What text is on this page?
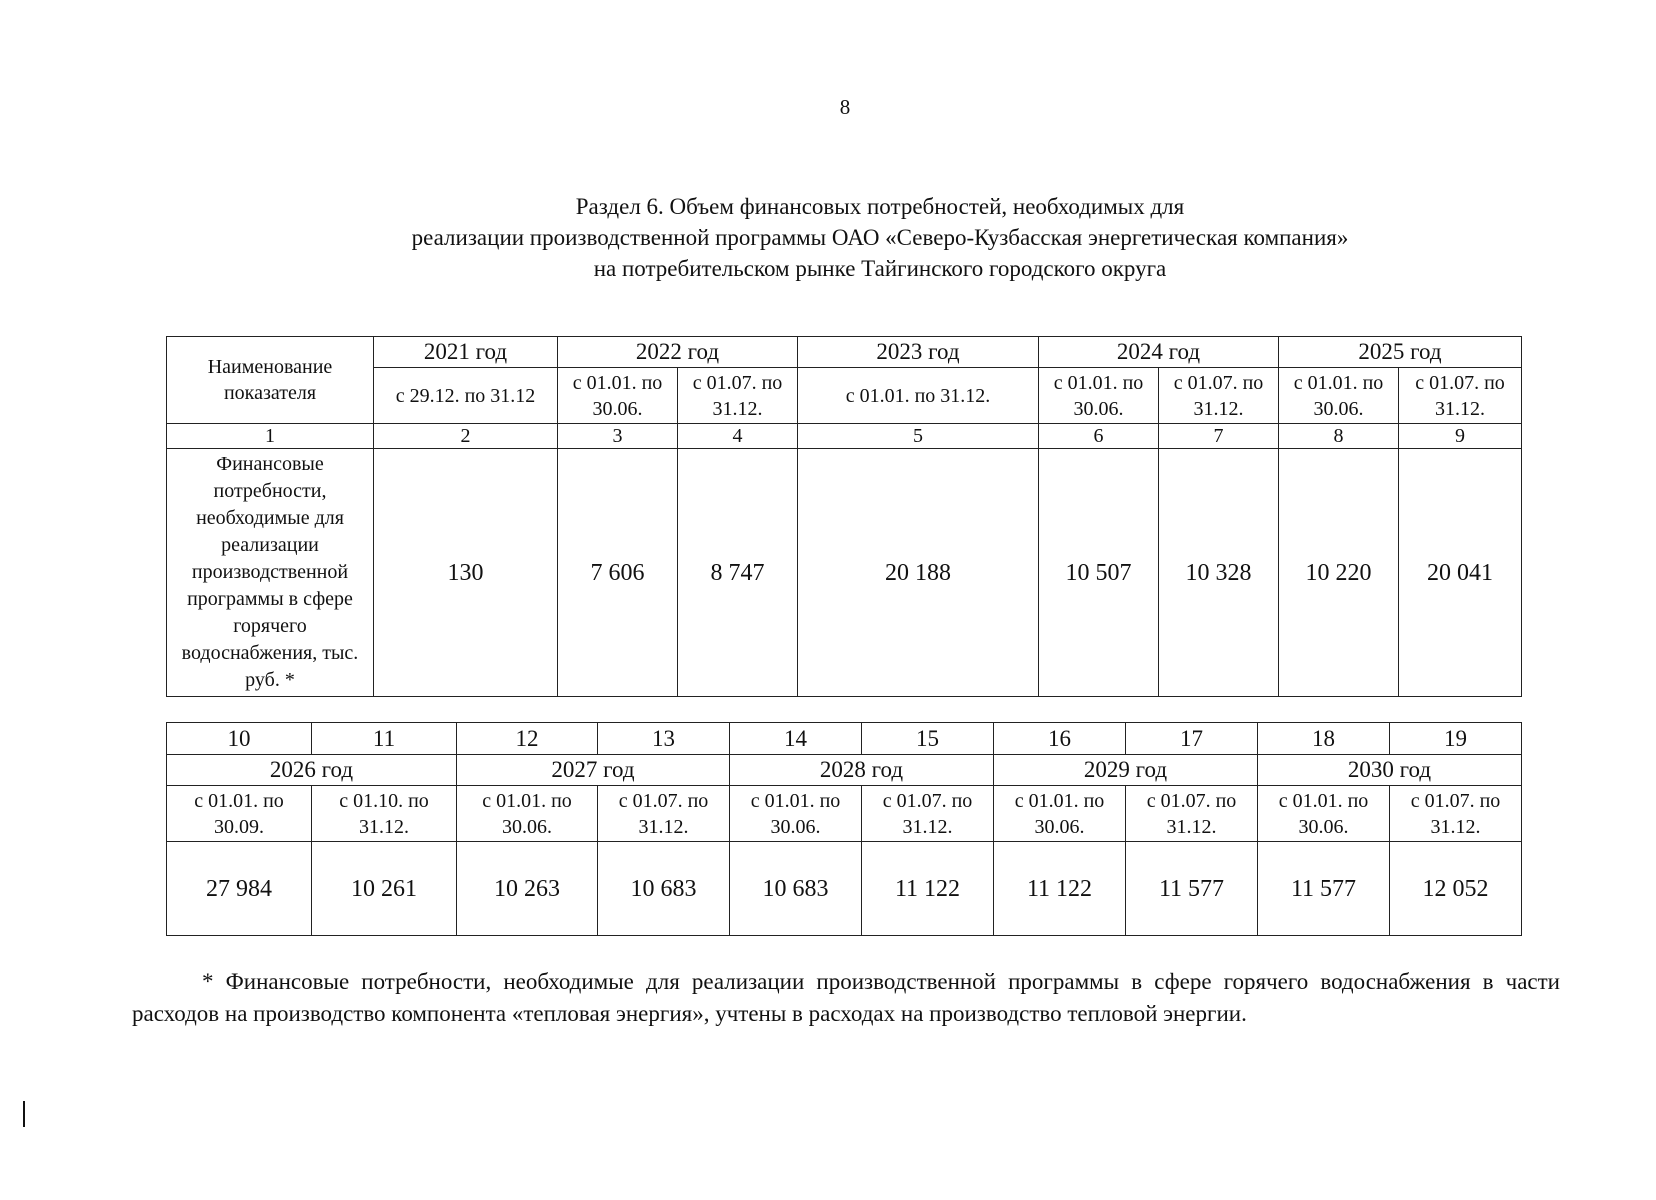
8
Раздел 6. Объем финансовых потребностей, необходимых для
реализации производственной программы ОАО «Северо-Кузбасская энергетическая компания»
на потребительском рынке Тайгинского городского округа
Наименование показателя	2021 год	2022 год		2023 год	2024 год		2025 год	
	с 29.12. по 31.12	с 01.01. по 30.06.	с 01.07. по 31.12.	с 01.01. по 31.12.	с 01.01. по 30.06.	с 01.07. по 31.12.	с 01.01. по 30.06.	с 01.07. по 31.12.
1	2	3	4	5	6	7	8	9
Финансовые потребности, необходимые для реализации производственной программы в сфере горячего водоснабжения, тыс. руб. *	130	7 606	8 747	20 188	10 507	10 328	10 220	20 041
10	11	12	13	14	15	16	17	18	19
2026 год		2027 год		2028 год		2029 год		2030 год	
с 01.01. по 30.09.	с 01.10. по 31.12.	с 01.01. по 30.06.	с 01.07. по 31.12.	с 01.01. по 30.06.	с 01.07. по 31.12.	с 01.01. по 30.06.	с 01.07. по 31.12.	с 01.01. по 30.06.	с 01.07. по 31.12.
27 984	10 261	10 263	10 683	10 683	11 122	11 122	11 577	11 577	12 052
* Финансовые потребности, необходимые для реализации производственной программы в сфере горячего водоснабжения в части расходов на производство компонента «тепловая энергия», учтены в расходах на производство тепловой энергии.
